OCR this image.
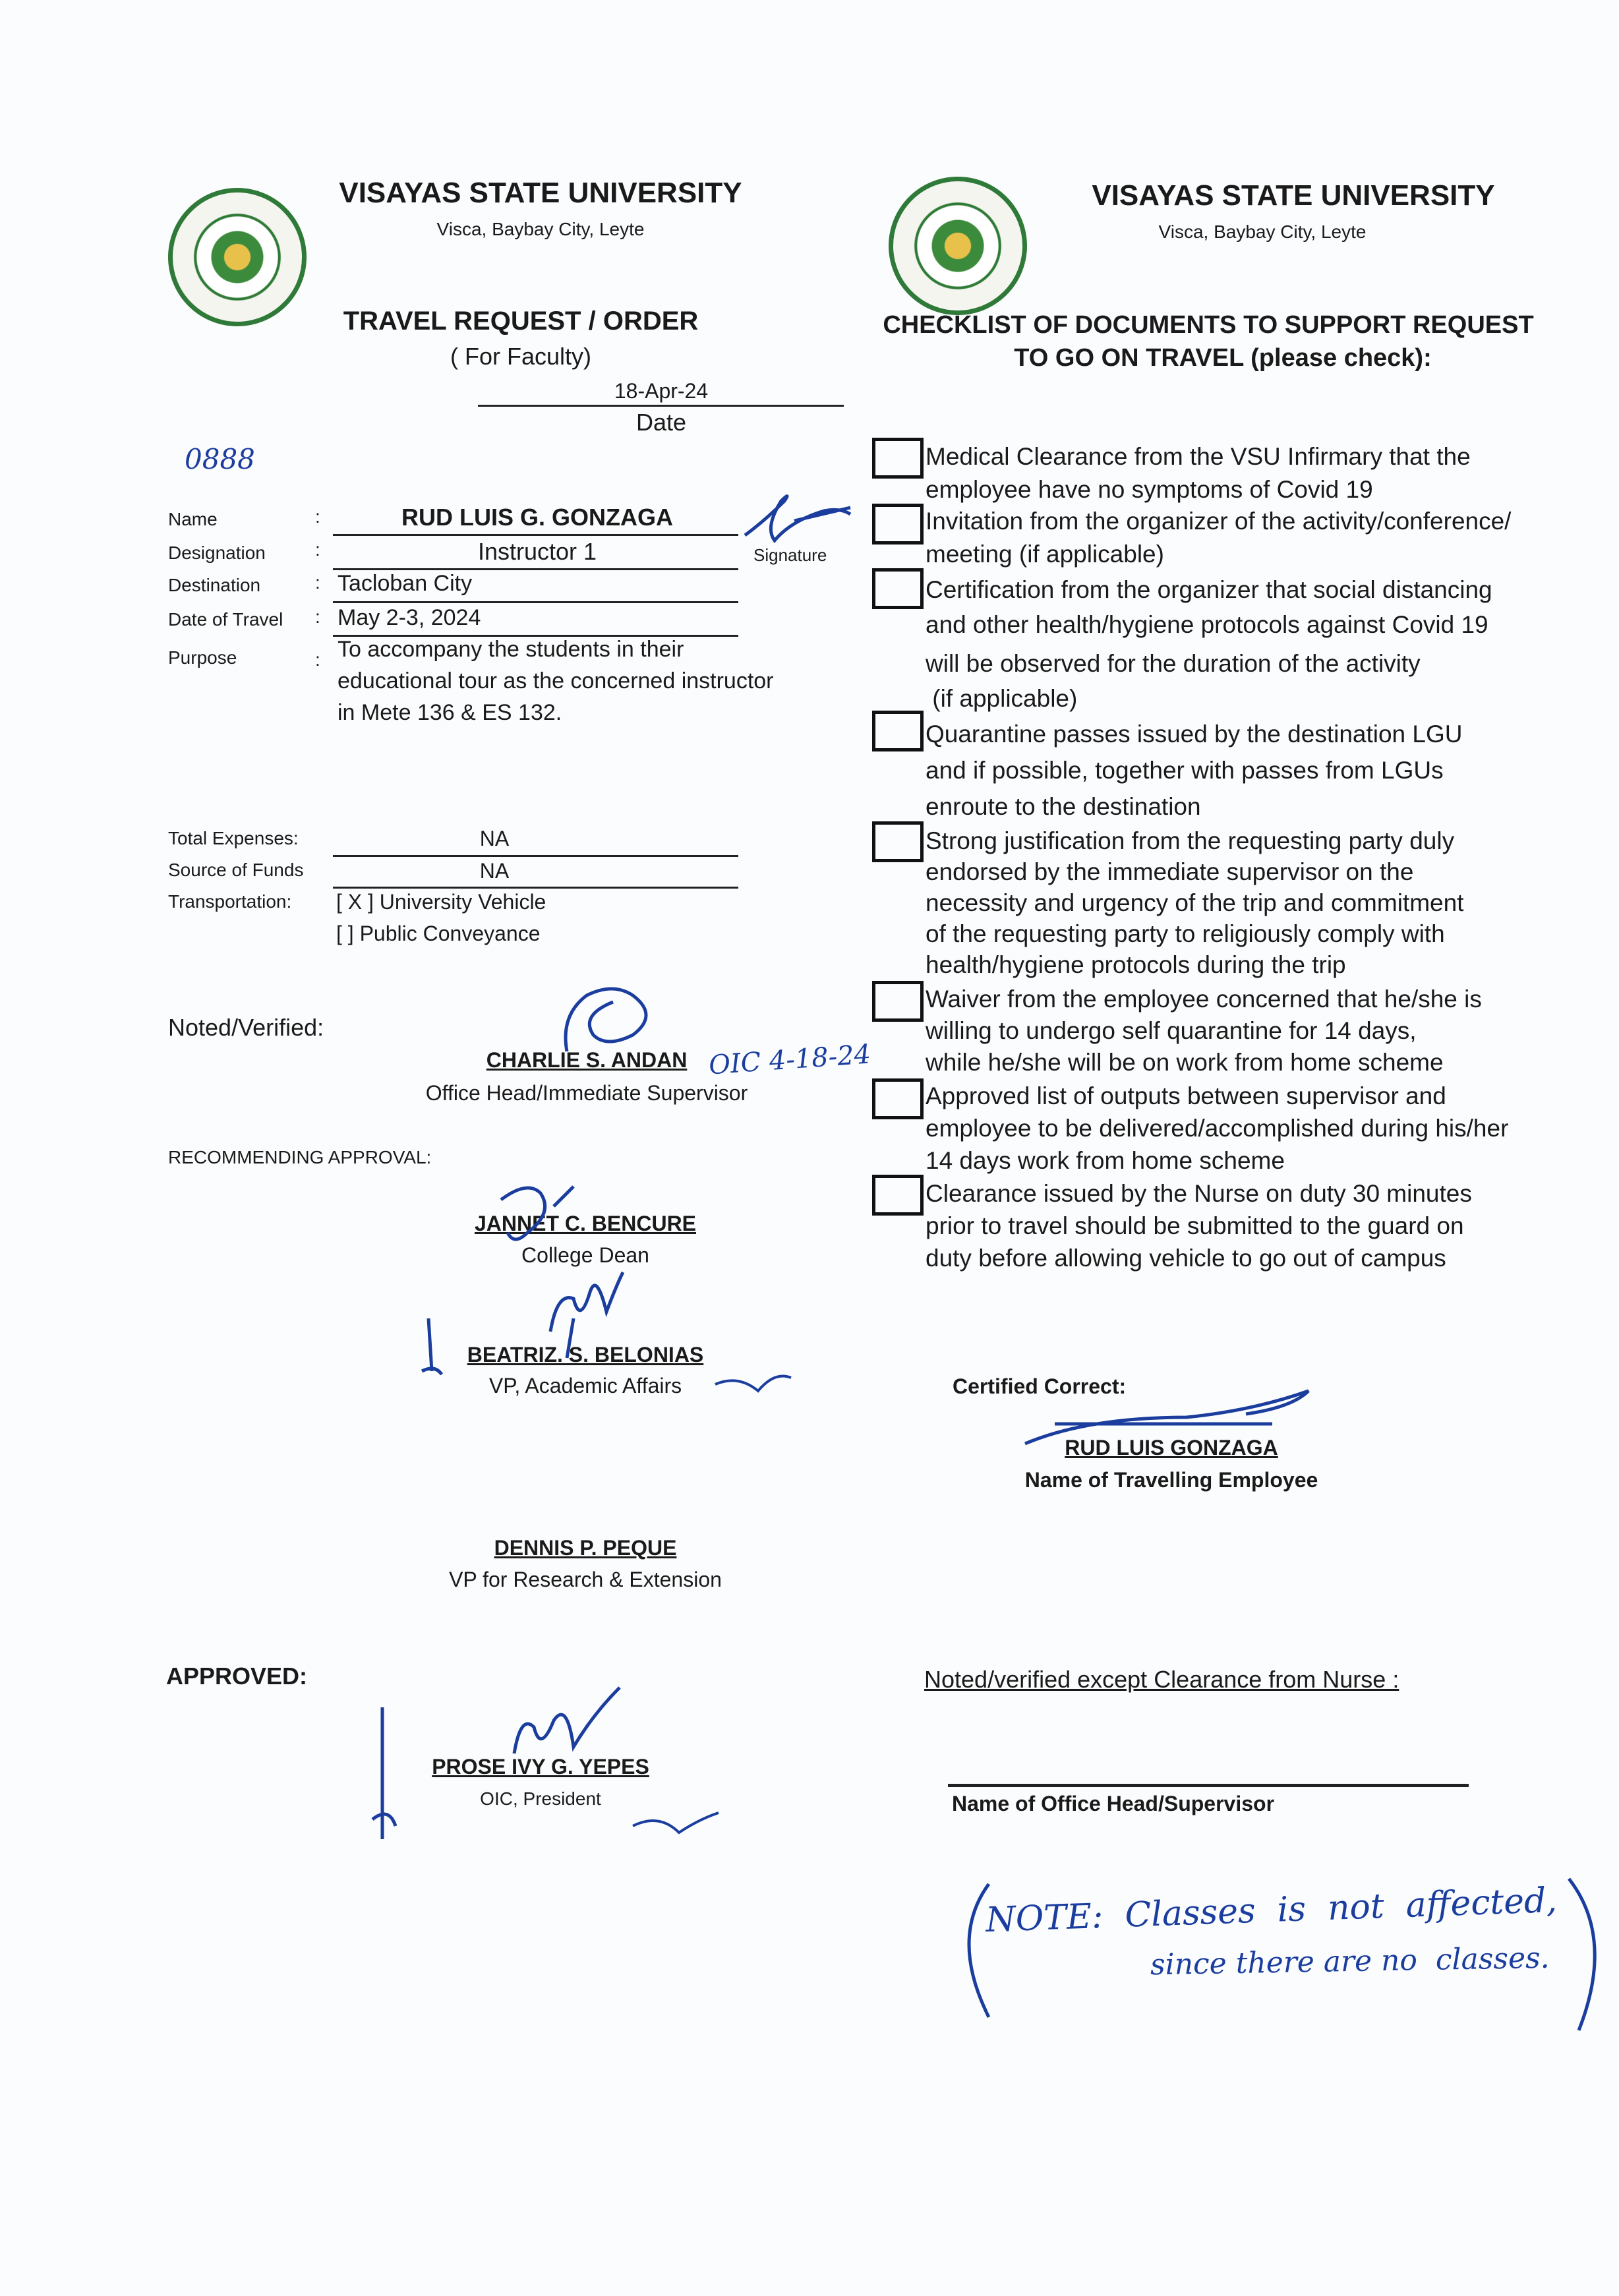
VISAYAS STATE UNIVERSITY
Visca, Baybay City, Leyte
TRAVEL REQUEST / ORDER
( For Faculty)
18-Apr-24
Date
0888
Name	:	RUD LUIS G. GONZAGA
Signature
Designation	:	Instructor 1
Destination	: Tacloban City
Date of Travel : May 2-3, 2024
Purpose	: To accompany the students in their
educational tour as the concerned instructor
in Mete 136 & ES 132.
Total Expenses:	NA
Source of Funds	NA
Transportation: [ X ] University Vehicle
[ ] Public Conveyance
Noted/Verified:
CHARLIE S. ANDAN
Office Head/Immediate Supervisor
OIC 4-18-24
RECOMMENDING APPROVAL:
JANNET C. BENCURE
College Dean
BEATRIZ. S. BELONIAS
VP, Academic Affairs
DENNIS P. PEQUE
VP for Research & Extension
APPROVED:
PROSE IVY G. YEPES
OIC, President
VISAYAS STATE UNIVERSITY
Visca, Baybay City, Leyte
CHECKLIST OF DOCUMENTS TO SUPPORT REQUEST
TO GO ON TRAVEL (please check):
Medical Clearance from the VSU Infirmary that the
employee have no symptoms of Covid 19
Invitation from the organizer of the activity/conference/
meeting (if applicable)
Certification from the organizer that social distancing
and other health/hygiene protocols against Covid 19
will be observed for the duration of the activity
(if applicable)
Quarantine passes issued by the destination LGU
and if possible, together with passes from LGUs
enroute to the destination
Strong justification from the requesting party duly
endorsed by the immediate supervisor on the
necessity and urgency of the trip and commitment
of the requesting party to religiously comply with
health/hygiene protocols during the trip
Waiver from the employee concerned that he/she is
willing to undergo self quarantine for 14 days,
while he/she will be on work from home scheme
Approved list of outputs between supervisor and
employee to be delivered/accomplished during his/her
14 days work from home scheme
Clearance issued by the Nurse on duty 30 minutes
prior to travel should be submitted to the guard on
duty before allowing vehicle to go out of campus
Certified Correct:
RUD LUIS GONZAGA
Name of Travelling Employee
Noted/verified except Clearance from Nurse :
Name of Office Head/Supervisor
NOTE:  Classes  is  not  affected,
since there are no  classes.
